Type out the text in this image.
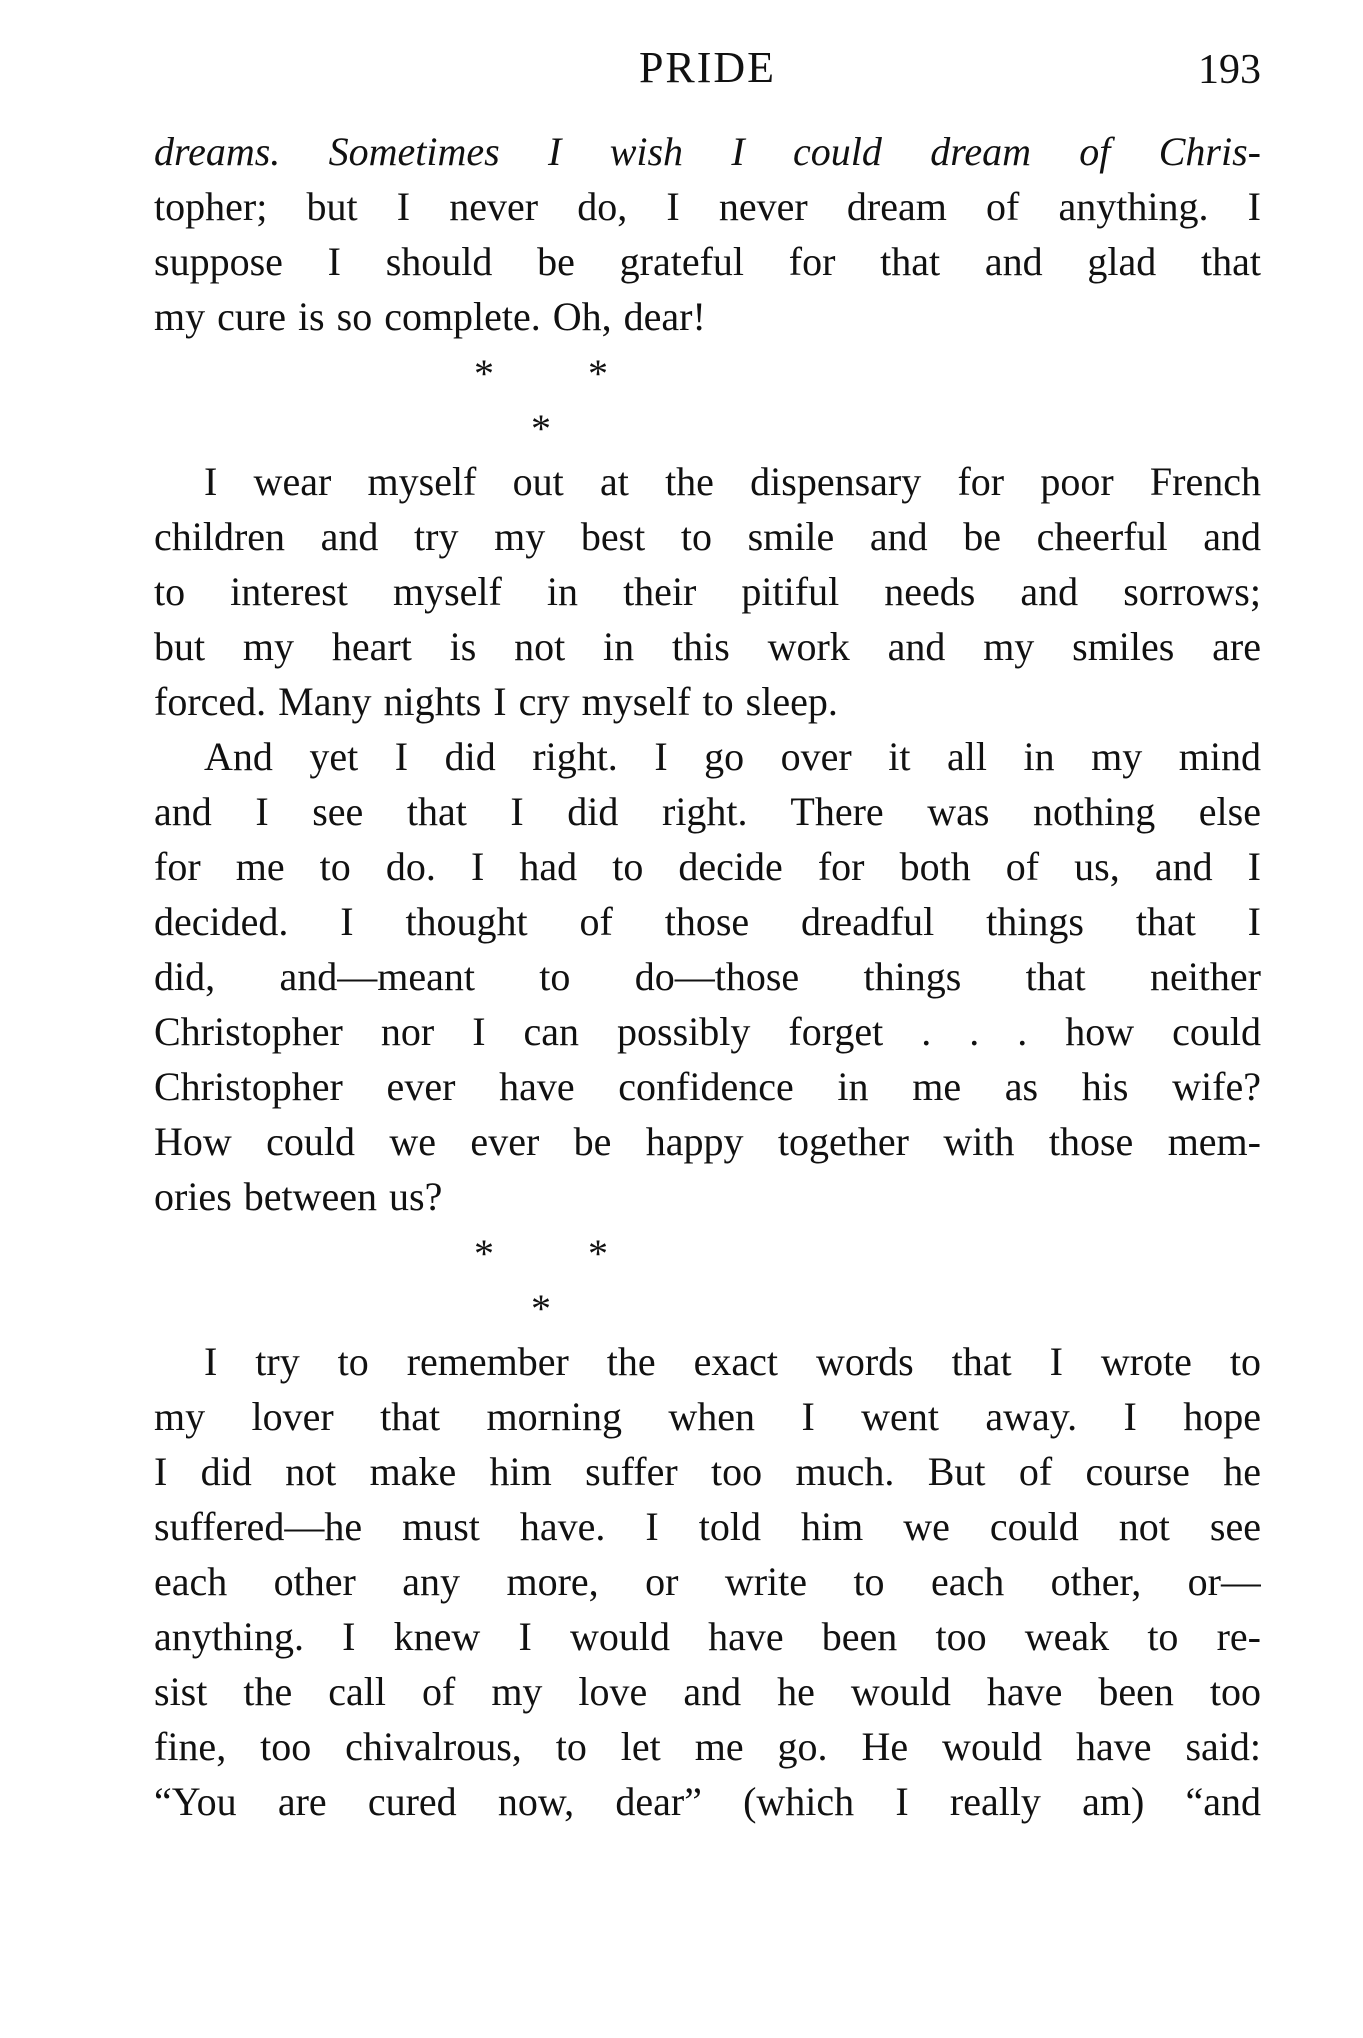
PRIDE	193
dreams. Sometimes I wish I could dream of Chris-
topher; but I never do, I never dream of anything. I
suppose I should be grateful for that and glad that
my cure is so complete. Oh, dear!
* *
*
I wear myself out at the dispensary for poor French
children and try my best to smile and be cheerful and
to interest myself in their pitiful needs and sorrows;
but my heart is not in this work and my smiles are
forced. Many nights I cry myself to sleep.
And yet I did right. I go over it all in my mind
and I see that I did right. There was nothing else
for me to do. I had to decide for both of us, and I
decided. I thought of those dreadful things that I
did, and—meant to do—those things that neither
Christopher nor I can possibly forget . . . how could
Christopher ever have confidence in me as his wife?
How could we ever be happy together with those mem-
ories between us?
* *
*
I try to remember the exact words that I wrote to
my lover that morning when I went away. I hope
I did not make him suffer too much. But of course he
suffered—he must have. I told him we could not see
each other any more, or write to each other, or—
anything. I knew I would have been too weak to re-
sist the call of my love and he would have been too
fine, too chivalrous, to let me go. He would have said:
“You are cured now, dear” (which I really am) “and
